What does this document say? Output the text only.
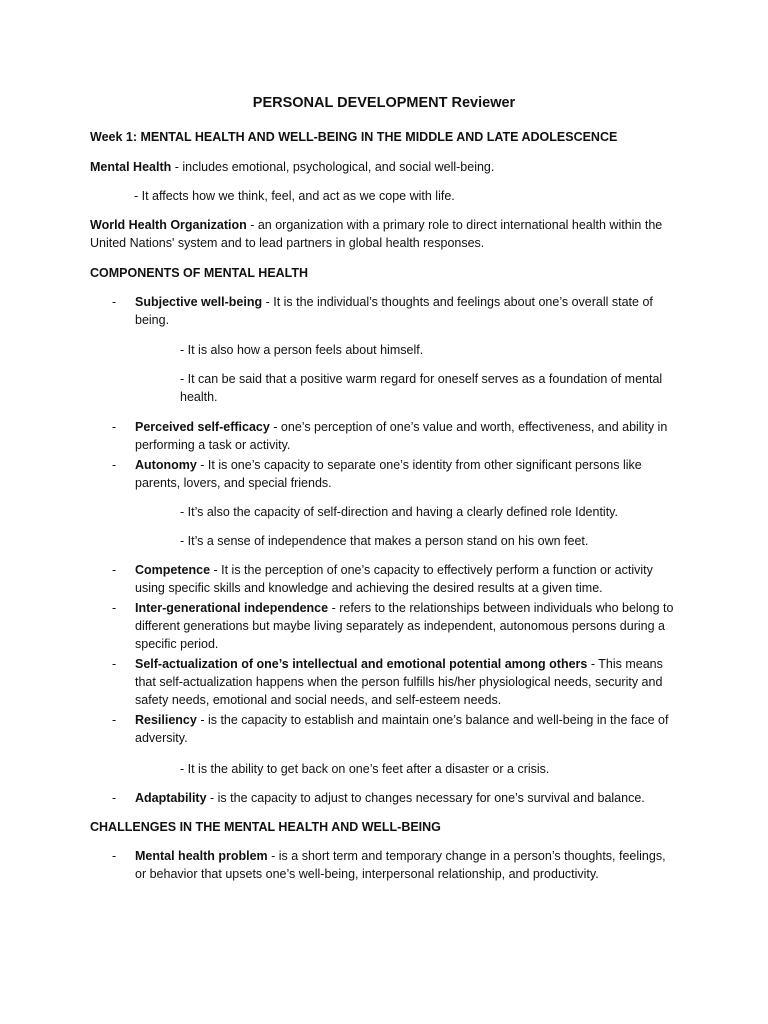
PERSONAL DEVELOPMENT Reviewer
Week 1: MENTAL HEALTH AND WELL-BEING IN THE MIDDLE AND LATE ADOLESCENCE
Mental Health - includes emotional, psychological, and social well-being.
- It affects how we think, feel, and act as we cope with life.
World Health Organization - an organization with a primary role to direct international health within the United Nations' system and to lead partners in global health responses.
COMPONENTS OF MENTAL HEALTH
- Subjective well-being - It is the individual’s thoughts and feelings about one’s overall state of being.
- It is also how a person feels about himself.
- It can be said that a positive warm regard for oneself serves as a foundation of mental health.
- Perceived self-efficacy - one’s perception of one’s value and worth, effectiveness, and ability in performing a task or activity.
- Autonomy - It is one’s capacity to separate one’s identity from other significant persons like parents, lovers, and special friends.
- It’s also the capacity of self-direction and having a clearly defined role Identity.
- It’s a sense of independence that makes a person stand on his own feet.
- Competence - It is the perception of one’s capacity to effectively perform a function or activity using specific skills and knowledge and achieving the desired results at a given time.
- Inter-generational independence - refers to the relationships between individuals who belong to different generations but maybe living separately as independent, autonomous persons during a specific period.
- Self-actualization of one’s intellectual and emotional potential among others - This means that self-actualization happens when the person fulfills his/her physiological needs, security and safety needs, emotional and social needs, and self-esteem needs.
- Resiliency - is the capacity to establish and maintain one’s balance and well-being in the face of adversity.
- It is the ability to get back on one’s feet after a disaster or a crisis.
- Adaptability - is the capacity to adjust to changes necessary for one’s survival and balance.
CHALLENGES IN THE MENTAL HEALTH AND WELL-BEING
- Mental health problem - is a short term and temporary change in a person’s thoughts, feelings, or behavior that upsets one’s well-being, interpersonal relationship, and productivity.
